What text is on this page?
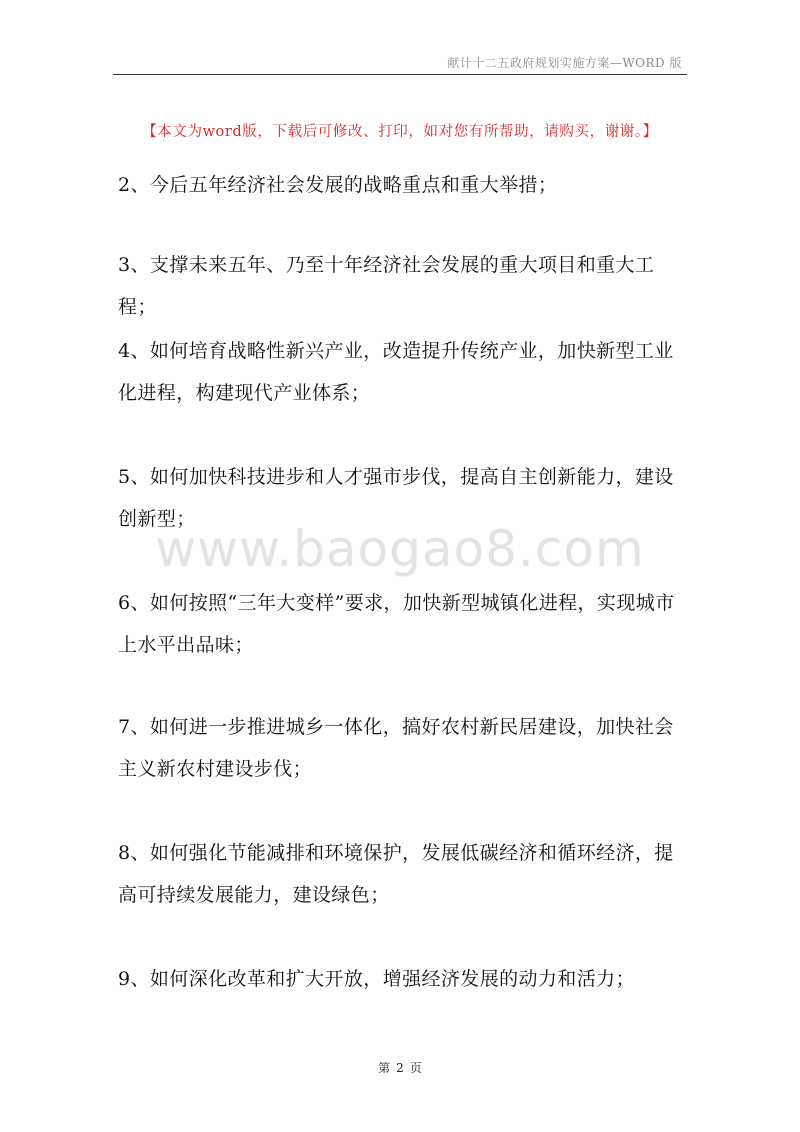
献计十二五政府规划实施方案—WORD 版
【本文为word版，下载后可修改、打印，如对您有所帮助，请购买，谢谢。】
www.baogao8.com
2、今后五年经济社会发展的战略重点和重大举措；
3、支撑未来五年、乃至十年经济社会发展的重大项目和重大工程；
4、如何培育战略性新兴产业，改造提升传统产业，加快新型工业化进程，构建现代产业体系；
5、如何加快科技进步和人才强市步伐，提高自主创新能力，建设创新型；
6、如何按照“三年大变样”要求，加快新型城镇化进程，实现城市上水平出品味；
7、如何进一步推进城乡一体化，搞好农村新民居建设，加快社会主义新农村建设步伐；
8、如何强化节能减排和环境保护，发展低碳经济和循环经济，提高可持续发展能力，建设绿色；
9、如何深化改革和扩大开放，增强经济发展的动力和活力；
第 2 页
